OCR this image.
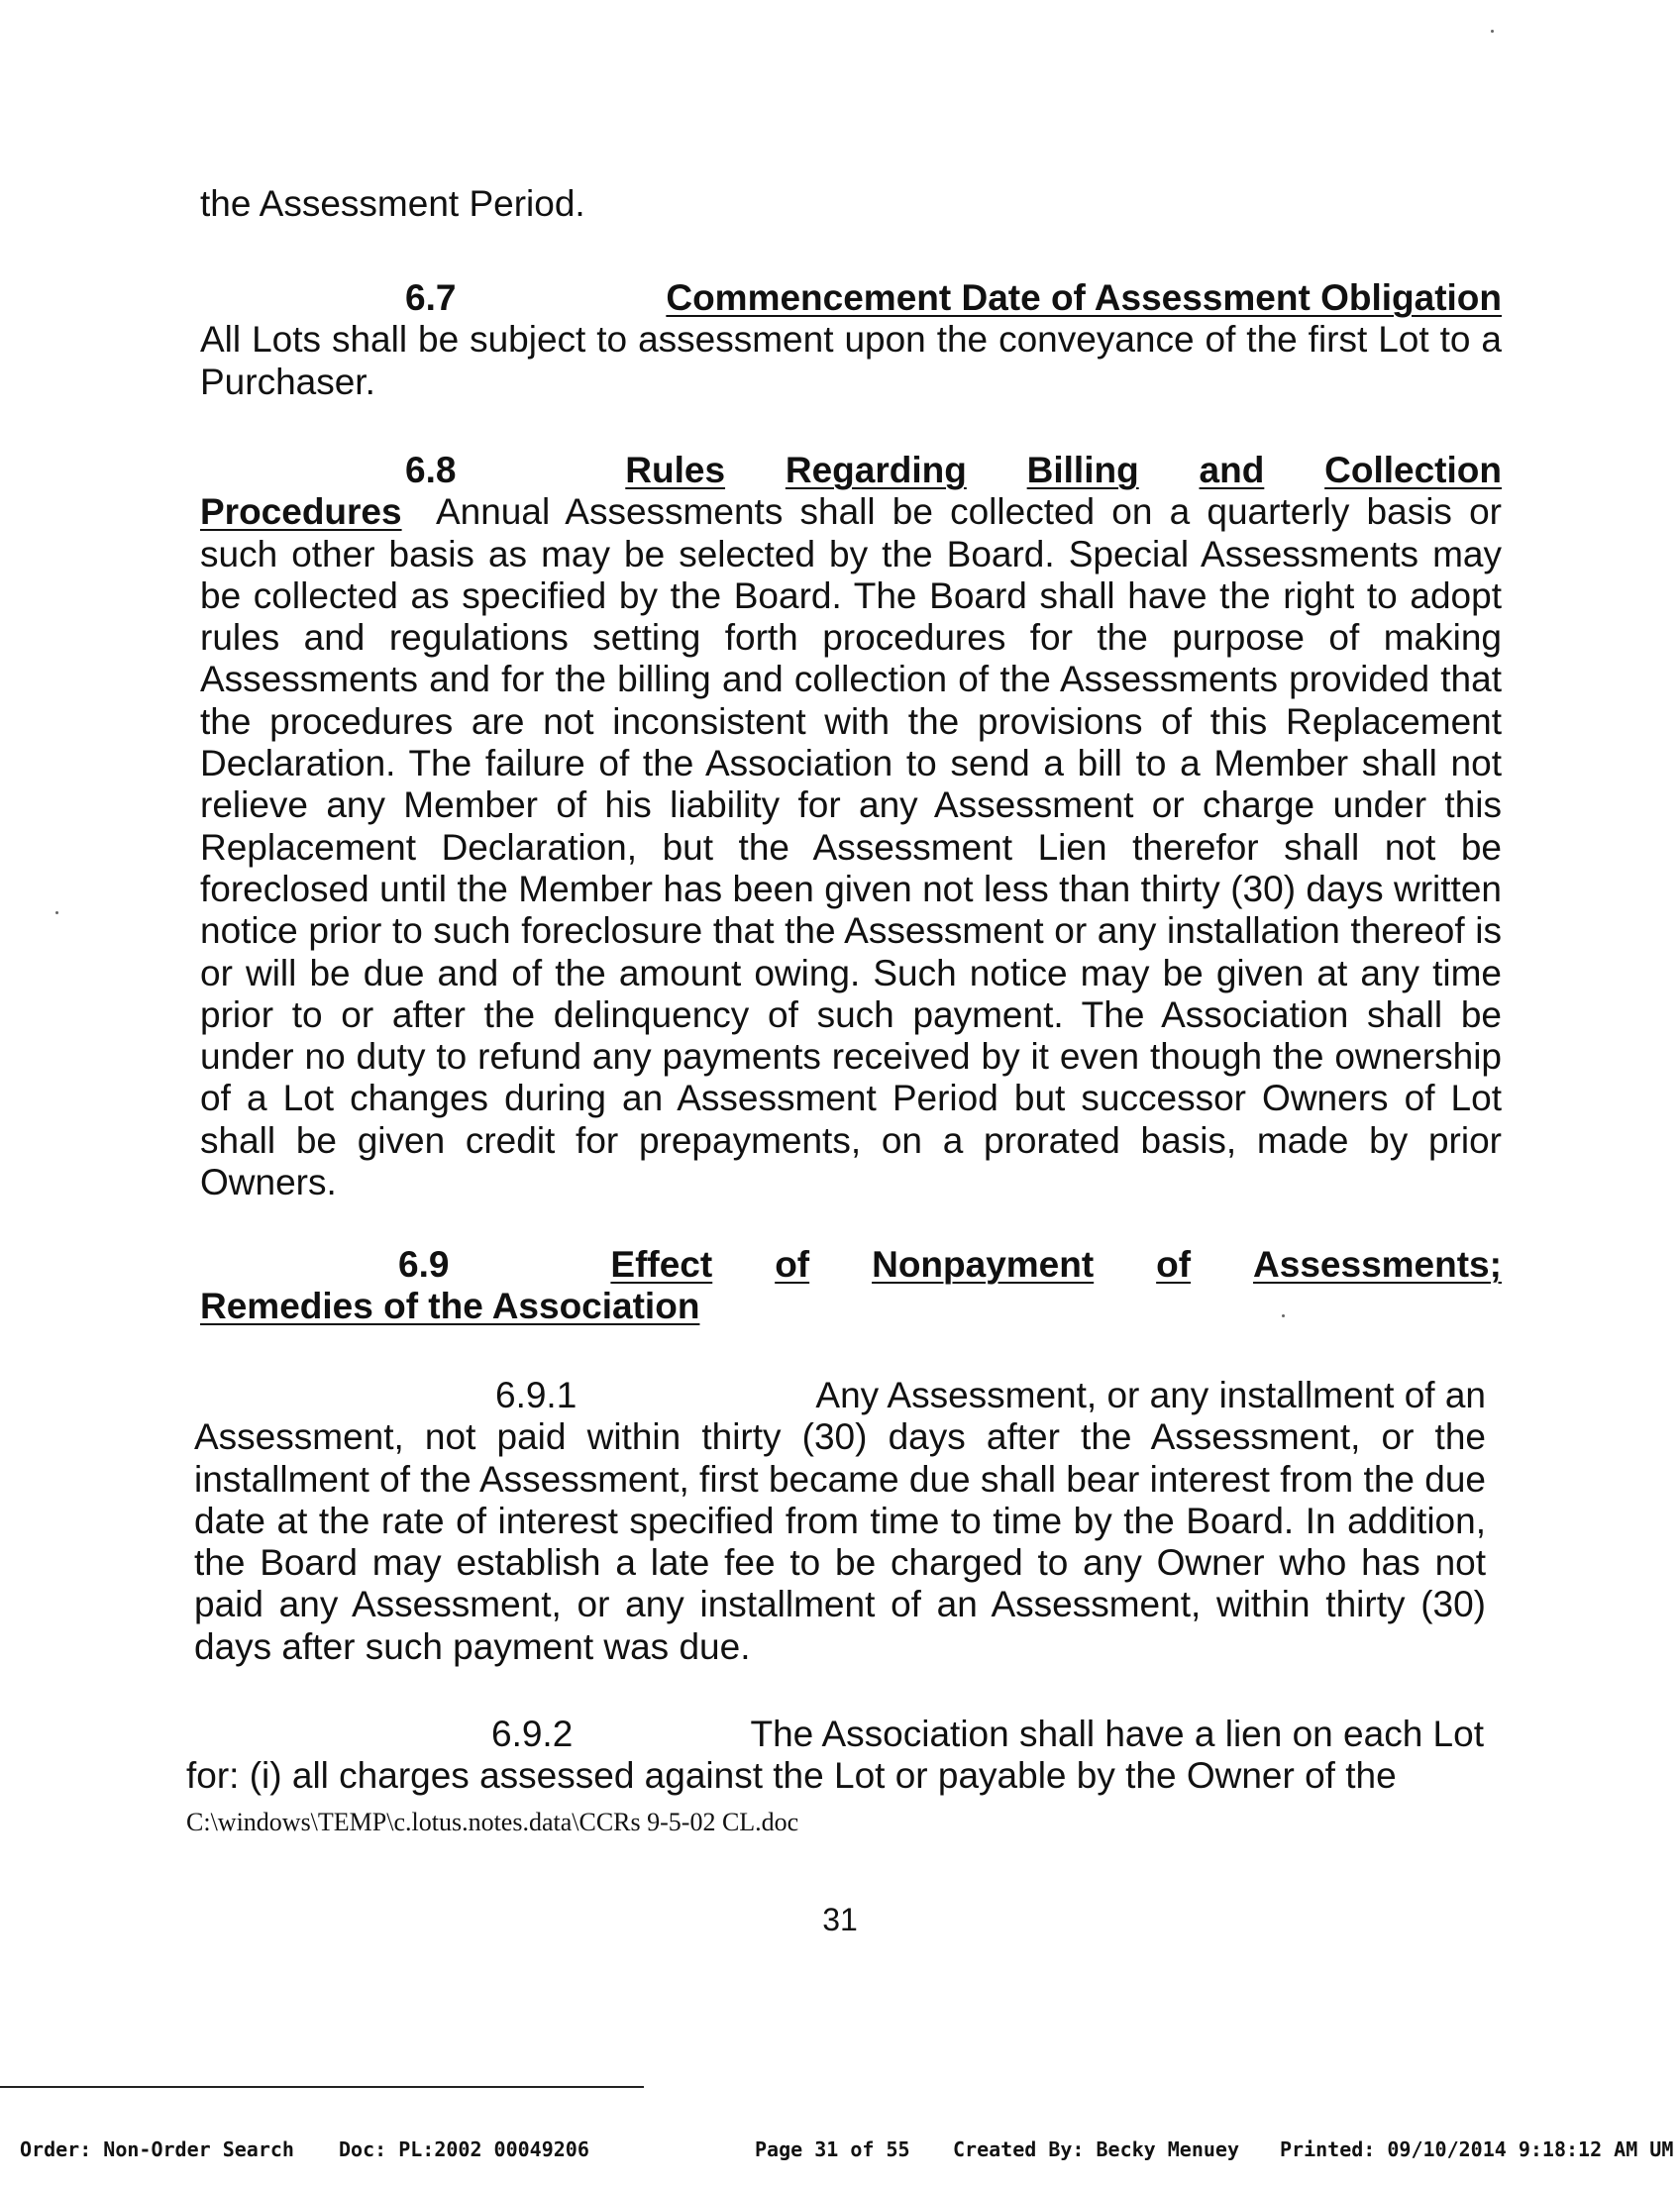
the Assessment Period.

6.7	Commencement Date of Assessment Obligation
All Lots shall be subject to assessment upon the conveyance of the first Lot to a Purchaser.
6.8	Rules Regarding Billing and Collection
Procedures Annual Assessments shall be collected on a quarterly basis or such other basis as may be selected by the Board. Special Assessments may be collected as specified by the Board. The Board shall have the right to adopt rules and regulations setting forth procedures for the purpose of making Assessments and for the billing and collection of the Assessments provided that the procedures are not inconsistent with the provisions of this Replacement Declaration. The failure of the Association to send a bill to a Member shall not relieve any Member of his liability for any Assessment or charge under this Replacement Declaration, but the Assessment Lien therefor shall not be foreclosed until the Member has been given not less than thirty (30) days written notice prior to such foreclosure that the Assessment or any installation thereof is or will be due and of the amount owing. Such notice may be given at any time prior to or after the delinquency of such payment. The Association shall be under no duty to refund any payments received by it even though the ownership of a Lot changes during an Assessment Period but successor Owners of Lot shall be given credit for prepayments, on a prorated basis, made by prior Owners.
6.9	Effect of Nonpayment of Assessments;
Remedies of the Association
6.9.1	Any Assessment, or any installment of an
Assessment, not paid within thirty (30) days after the Assessment, or the installment of the Assessment, first became due shall bear interest from the due date at the rate of interest specified from time to time by the Board. In addition, the Board may establish a late fee to be charged to any Owner who has not paid any Assessment, or any installment of an Assessment, within thirty (30) days after such payment was due.
6.9.2	The Association shall have a lien on each Lot
for: (i) all charges assessed against the Lot or payable by the Owner of the
C:\windows\TEMP\c.lotus.notes.data\CCRs 9-5-02 CL.doc
31
Order: Non-Order Search Doc: PL:2002 00049206	Page 31 of 55 Created By: Becky Menuey Printed: 09/10/2014 9:18:12 AM UM
